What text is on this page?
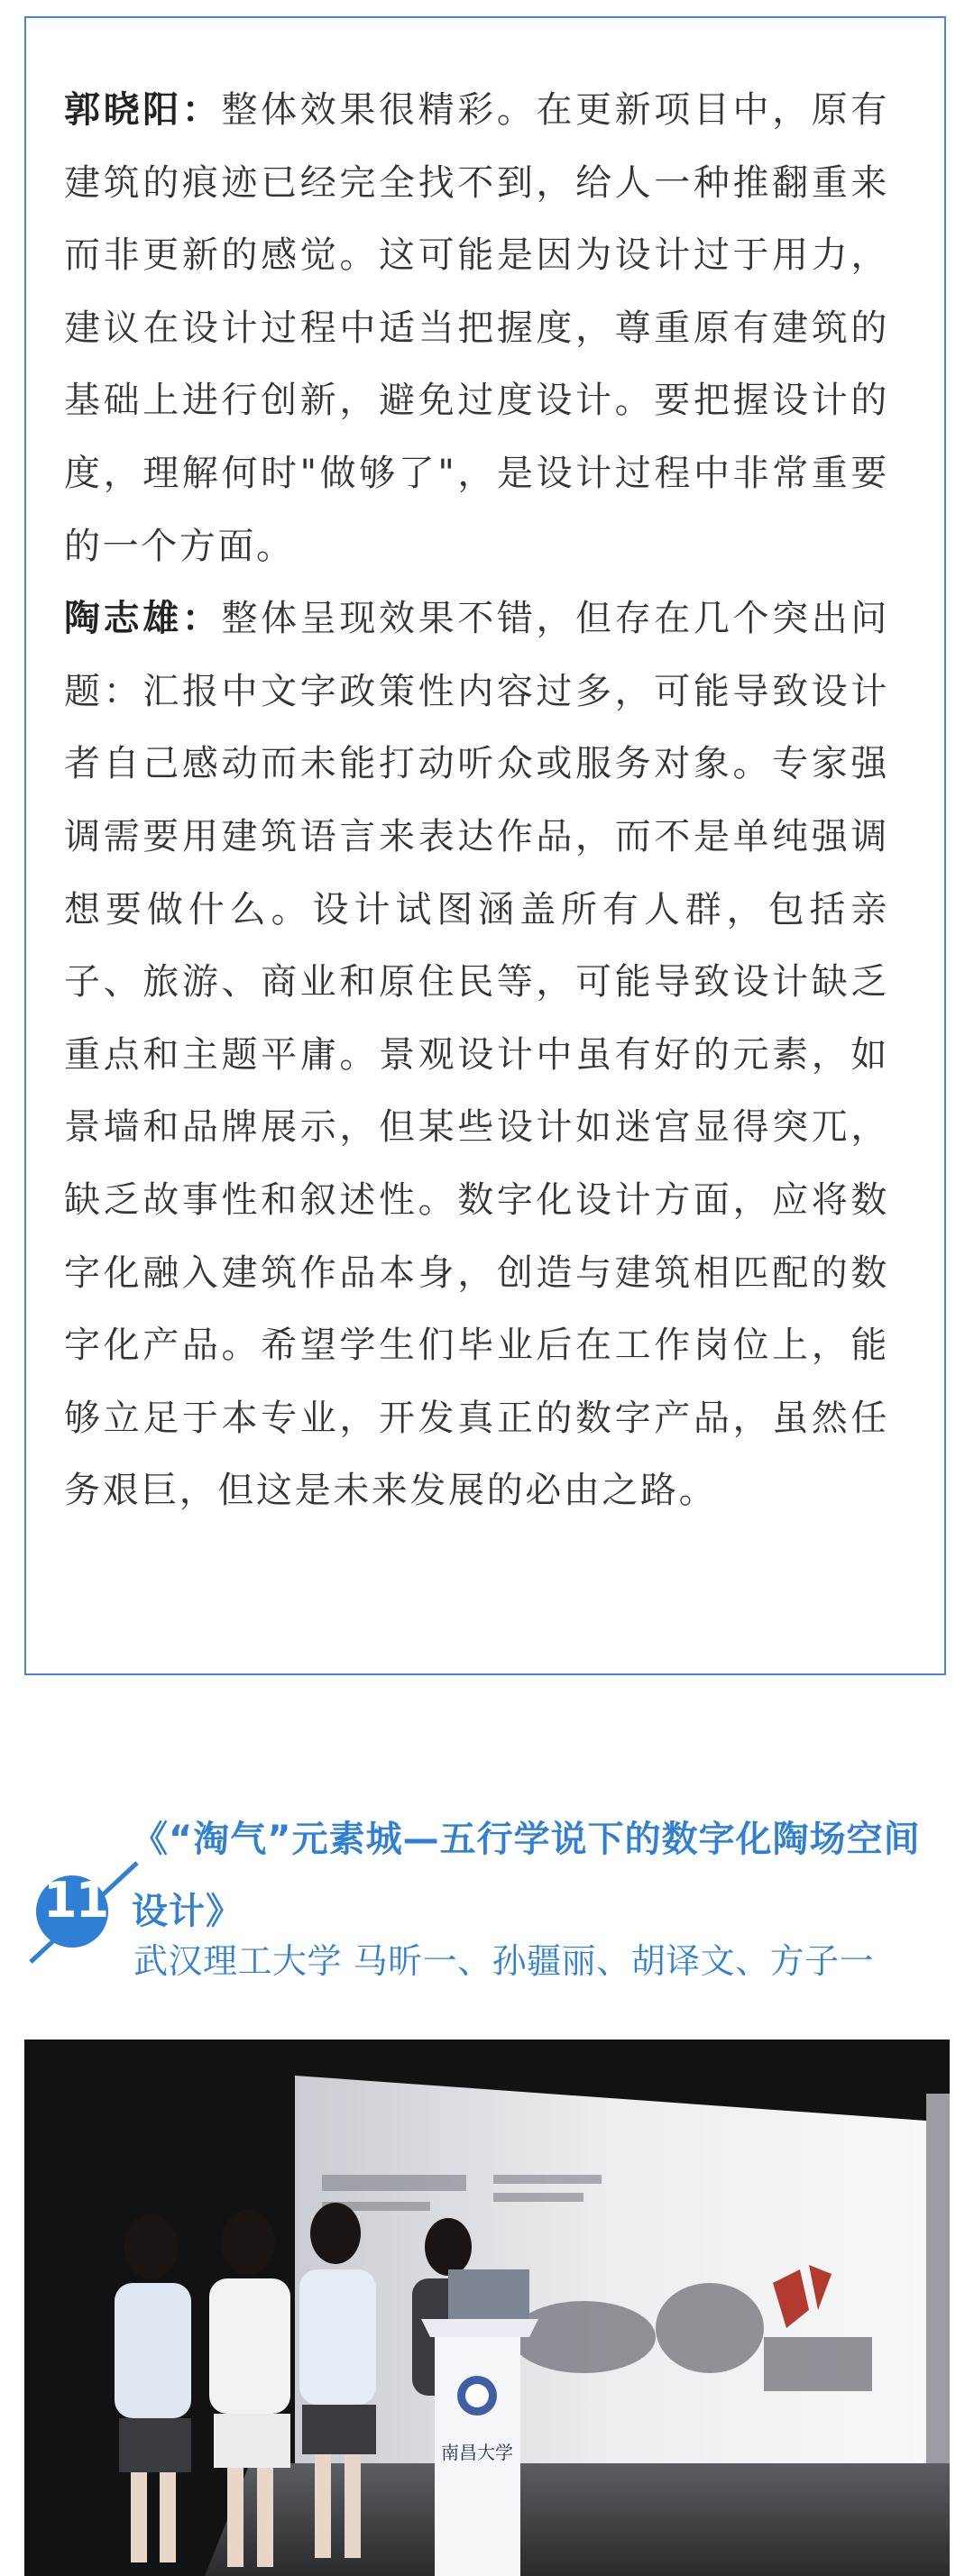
郭晓阳：整体效果很精彩。在更新项目中，原有建筑的痕迹已经完全找不到，给人一种推翻重来而非更新的感觉。这可能是因为设计过于用力，建议在设计过程中适当把握度，尊重原有建筑的基础上进行创新，避免过度设计。要把握设计的度，理解何时"做够了"，是设计过程中非常重要的一个方面。

陶志雄：整体呈现效果不错，但存在几个突出问题：汇报中文字政策性内容过多，可能导致设计者自己感动而未能打动听众或服务对象。专家强调需要用建筑语言来表达作品，而不是单纯强调想要做什么。设计试图涵盖所有人群，包括亲子、旅游、商业和原住民等，可能导致设计缺乏重点和主题平庸。景观设计中虽有好的元素，如景墙和品牌展示，但某些设计如迷宫显得突兀，缺乏故事性和叙述性。数字化设计方面，应将数字化融入建筑作品本身，创造与建筑相匹配的数字化产品。希望学生们毕业后在工作岗位上，能够立足于本专业，开发真正的数字产品，虽然任务艰巨，但这是未来发展的必由之路。

11

《“淘气”元素城—五行学说下的数字化陶场空间设计》

武汉理工大学 马昕一、孙疆丽、胡译文、方子一
南昌大学
